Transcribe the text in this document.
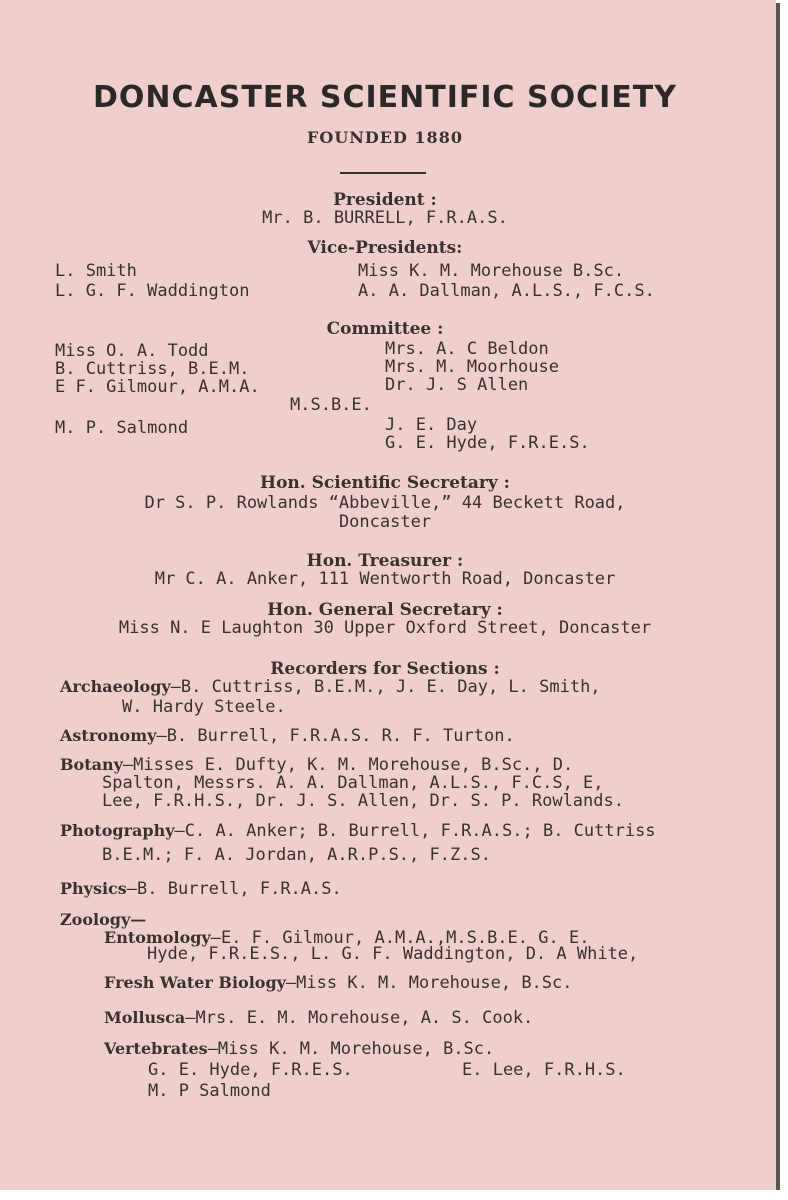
DONCASTER SCIENTIFIC SOCIETY
FOUNDED 1880
President :
Mr. B. BURRELL, F.R.A.S.
Vice-Presidents:
L. Smith
L. G. F. Waddington
Miss K. M. Morehouse B.Sc.
A. A. Dallman, A.L.S., F.C.S.
Committee :
Miss O. A. Todd
B. Cuttriss, B.E.M.
E F. Gilmour, A.M.A.
M.S.B.E.
M. P. Salmond
Mrs. A. C Beldon
Mrs. M. Moorhouse
Dr. J. S Allen
J. E. Day
G. E. Hyde, F.R.E.S.
Hon. Scientific Secretary :
Dr S. P. Rowlands “Abbeville,” 44 Beckett Road,
Doncaster
Hon. Treasurer :
Mr C. A. Anker, 111 Wentworth Road, Doncaster
Hon. General Secretary :
Miss N. E Laughton 30 Upper Oxford Street, Doncaster
Recorders for Sections :
Archaeology—B. Cuttriss, B.E.M., J. E. Day, L. Smith,
W. Hardy Steele.
Astronomy—B. Burrell, F.R.A.S. R. F. Turton.
Botany—Misses E. Dufty, K. M. Morehouse, B.Sc., D.
Spalton, Messrs. A. A. Dallman, A.L.S., F.C.S, E,
Lee, F.R.H.S., Dr. J. S. Allen, Dr. S. P. Rowlands.
Photography—C. A. Anker; B. Burrell, F.R.A.S.; B. Cuttriss
B.E.M.; F. A. Jordan, A.R.P.S., F.Z.S.
Physics—B. Burrell, F.R.A.S.
Zoology—
Entomology—E. F. Gilmour, A.M.A.,M.S.B.E. G. E.
Hyde, F.R.E.S., L. G. F. Waddington, D. A White,
Fresh Water Biology—Miss K. M. Morehouse, B.Sc.
Mollusca—Mrs. E. M. Morehouse, A. S. Cook.
Vertebrates—Miss K. M. Morehouse, B.Sc.
G. E. Hyde, F.R.E.S.	E. Lee, F.R.H.S.
M. P Salmond
